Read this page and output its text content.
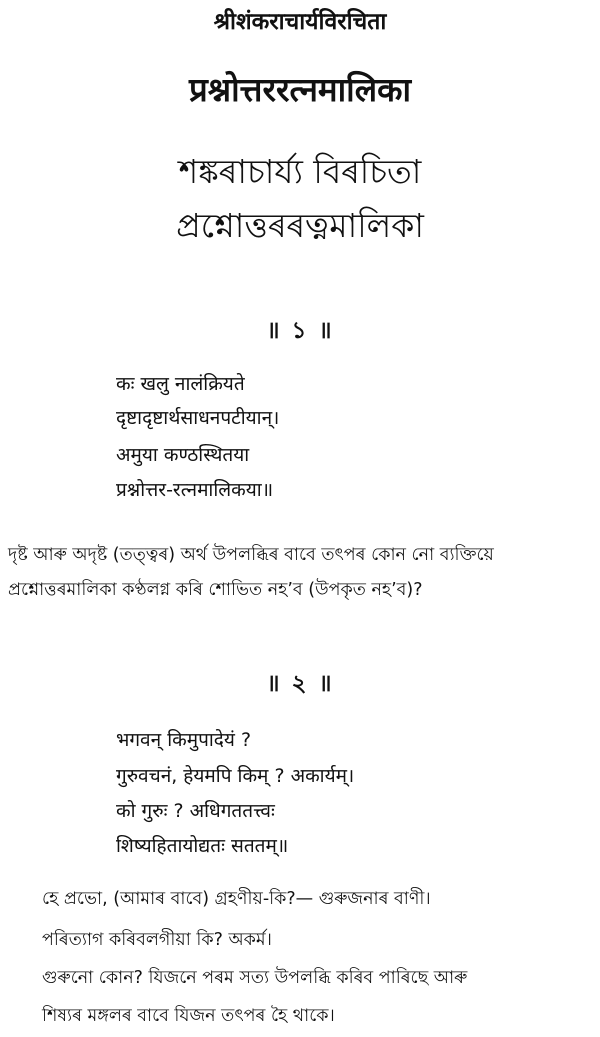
श्रीशंकराचार्यविरचिता

प्रश्नोत्तररत्नमालिका

শঙ্কৰাচাৰ্য্য বিৰচিতা

প্ৰশ্নোত্তৰৰত্নমালিকা

॥ ১ ॥

कः खलु नालंक्रियते

दृष्टादृष्टार्थसाधनपटीयान्।

अमुया कण्ठस्थितया

प्रश्नोत्तर-रत्नमालिकया॥

দৃষ্ট আৰু অদৃষ্ট (তত্ত্বৰ) অৰ্থ উপলব্ধিৰ বাবে তৎপৰ কোন নো ব্যক্তিয়ে

প্ৰশ্নোত্তৰমালিকা কণ্ঠলগ্ন কৰি শোভিত নহ’ব (উপকৃত নহ’ব)?

॥ ২ ॥

भगवन् किमुपादेयं ?

गुरुवचनं, हेयमपि किम् ? अकार्यम्।

को गुरुः ? अधिगततत्त्वः

शिष्यहितायोद्यतः सततम्॥

হে প্ৰভো, (আমাৰ বাবে) গ্ৰহণীয়-কি?— গুৰুজনাৰ বাণী।

পৰিত্যাগ কৰিবলগীয়া কি? অকৰ্ম।

গুৰুনো কোন? যিজনে পৰম সত্য উপলব্ধি কৰিব পাৰিছে আৰু

শিষ্যৰ মঙ্গলৰ বাবে যিজন তৎপৰ হৈ থাকে।
